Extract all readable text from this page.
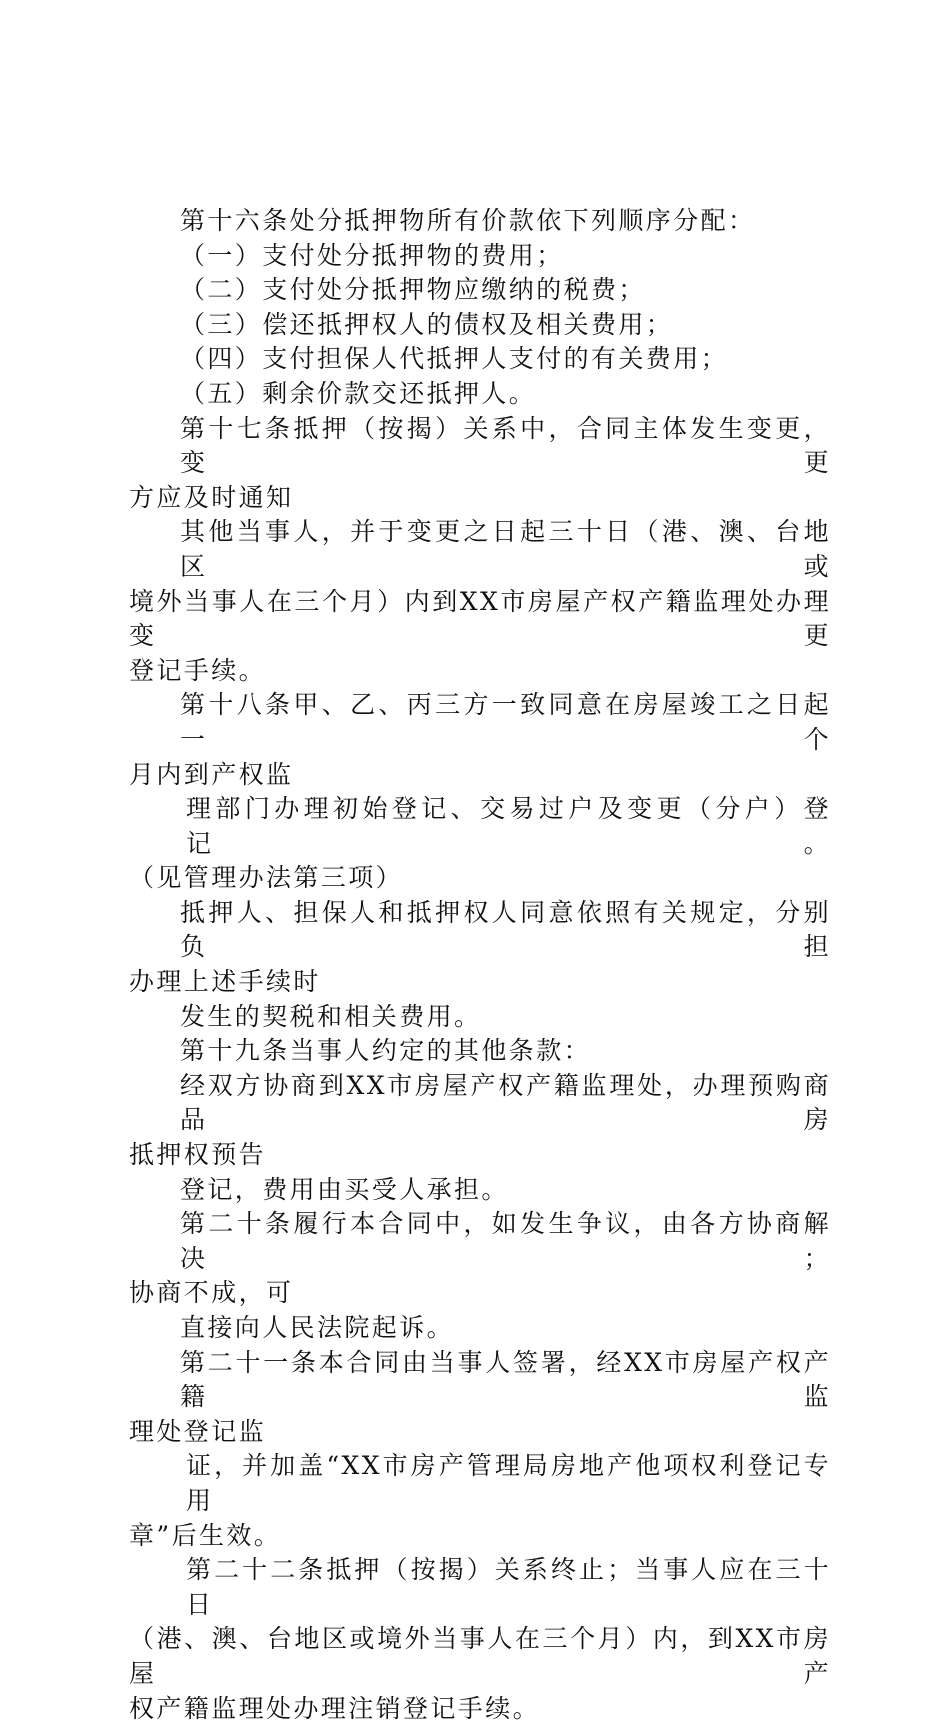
第十六条处分抵押物所有价款依下列顺序分配：

（一）支付处分抵押物的费用；

（二）支付处分抵押物应缴纳的税费；

（三）偿还抵押权人的债权及相关费用；

（四）支付担保人代抵押人支付的有关费用；

（五）剩余价款交还抵押人。

第十七条抵押（按揭）关系中，合同主体发生变更，变更

方应及时通知

其他当事人，并于变更之日起三十日（港、澳、台地区或

境外当事人在三个月）内到XX市房屋产权产籍监理处办理变更

登记手续。

第十八条甲、乙、丙三方一致同意在房屋竣工之日起一个

月内到产权监

理部门办理初始登记、交易过户及变更（分户）登记。

（见管理办法第三项）

抵押人、担保人和抵押权人同意依照有关规定，分别负担

办理上述手续时

发生的契税和相关费用。

第十九条当事人约定的其他条款：

经双方协商到XX市房屋产权产籍监理处，办理预购商品房

抵押权预告

登记，费用由买受人承担。

第二十条履行本合同中，如发生争议，由各方协商解决；

协商不成，可

直接向人民法院起诉。

第二十一条本合同由当事人签署，经XX市房屋产权产籍监

理处登记监

证，并加盖“XX市房产管理局房地产他项权利登记专用

章”后生效。

第二十二条抵押（按揭）关系终止；当事人应在三十日

（港、澳、台地区或境外当事人在三个月）内，到XX市房屋产

权产籍监理处办理注销登记手续。
